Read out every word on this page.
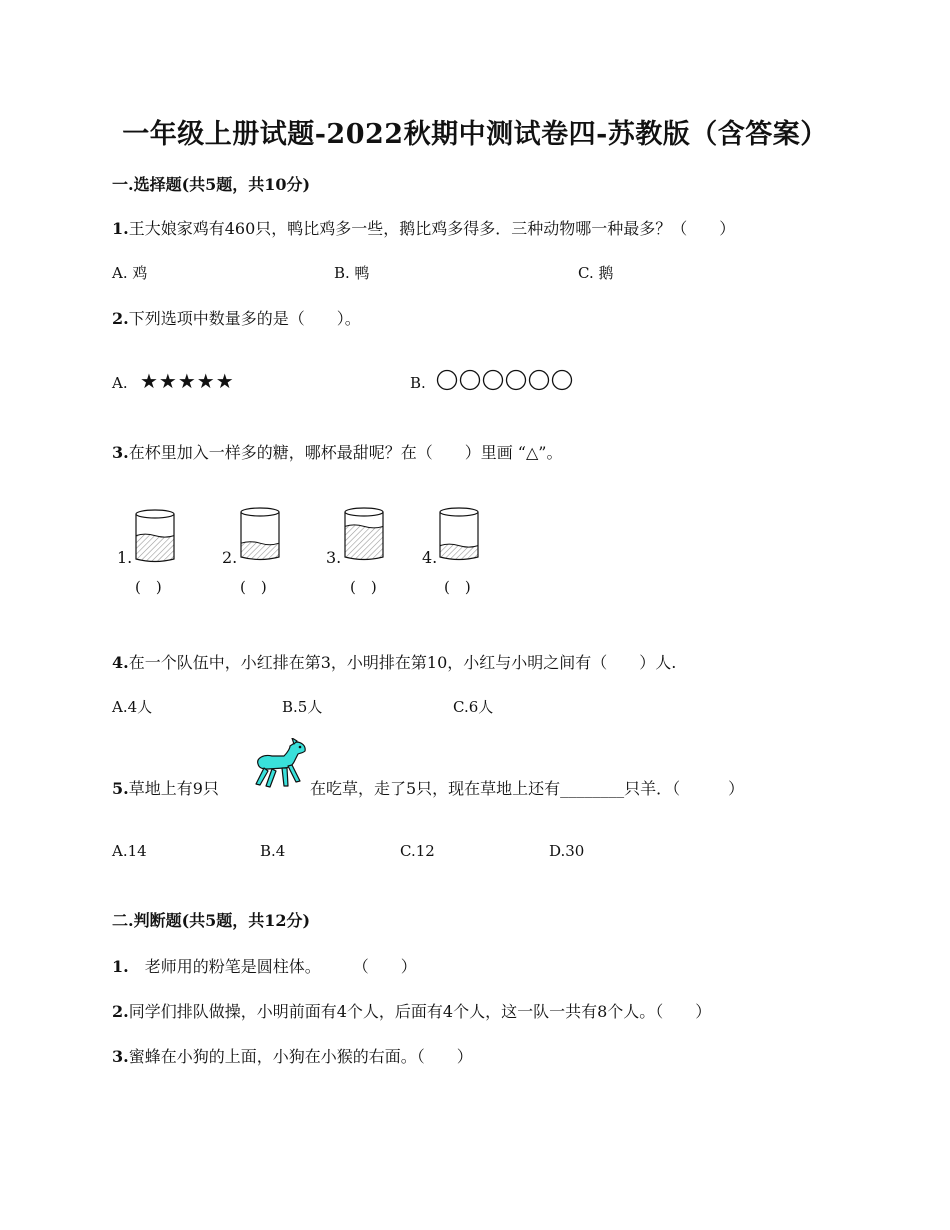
一年级上册试题-2022秋期中测试卷四-苏教版（含答案）
一.选择题(共5题，共10分)
1.王大娘家鸡有460只，鸭比鸡多一些，鹅比鸡多得多．三种动物哪一种最多？（　　）
A. 鸡	B. 鸭	C. 鹅
2.下列选项中数量多的是（　　）。
A. ★★★★★	B.
3.在杯里加入一样多的糖，哪杯最甜呢？在（　　）里画 “△”。
1.	2.	3.	4.
(　)	(　)	(　)	(　)
4.在一个队伍中，小红排在第3，小明排在第10，小红与小明之间有（　　）人.
A.4人	B.5人	C.6人
5.草地上有9只	在吃草，走了5只，现在草地上还有________只羊．（　　　）
A.14	B.4	C.12	D.30
二.判断题(共5题，共12分)
1.　老师用的粉笔是圆柱体。　　　（　　）
2.同学们排队做操，小明前面有4个人，后面有4个人，这一队一共有8个人。（　　）
3.蜜蜂在小狗的上面，小狗在小猴的右面。（　　）
